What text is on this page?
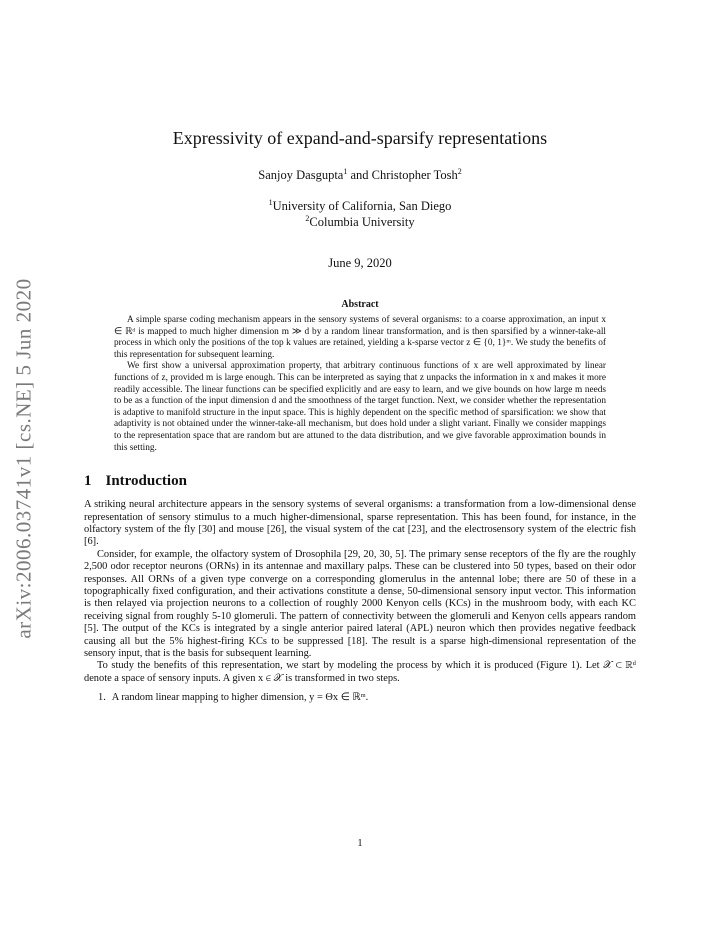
arXiv:2006.03741v1 [cs.NE] 5 Jun 2020
Expressivity of expand-and-sparsify representations
Sanjoy Dasgupta$^1$ and Christopher Tosh$^2$
$^1$University of California, San Diego
$^2$Columbia University
June 9, 2020
Abstract

A simple sparse coding mechanism appears in the sensory systems of several organisms: to a coarse approximation, an input x ∈ ℝᵈ is mapped to much higher dimension m ≫ d by a random linear transformation, and is then sparsified by a winner-take-all process in which only the positions of the top k values are retained, yielding a k-sparse vector z ∈ {0, 1}ᵐ. We study the benefits of this representation for subsequent learning.

We first show a universal approximation property, that arbitrary continuous functions of x are well approximated by linear functions of z, provided m is large enough. This can be interpreted as saying that z unpacks the information in x and makes it more readily accessible. The linear functions can be specified explicitly and are easy to learn, and we give bounds on how large m needs to be as a function of the input dimension d and the smoothness of the target function. Next, we consider whether the representation is adaptive to manifold structure in the input space. This is highly dependent on the specific method of sparsification: we show that adaptivity is not obtained under the winner-take-all mechanism, but does hold under a slight variant. Finally we consider mappings to the representation space that are random but are attuned to the data distribution, and we give favorable approximation bounds in this setting.

1 Introduction

A striking neural architecture appears in the sensory systems of several organisms: a transformation from a low-dimensional dense representation of sensory stimulus to a much higher-dimensional, sparse representation. This has been found, for instance, in the olfactory system of the fly [30] and mouse [26], the visual system of the cat [23], and the electrosensory system of the electric fish [6].

Consider, for example, the olfactory system of Drosophila [29, 20, 30, 5]. The primary sense receptors of the fly are the roughly 2,500 odor receptor neurons (ORNs) in its antennae and maxillary palps. These can be clustered into 50 types, based on their odor responses. All ORNs of a given type converge on a corresponding glomerulus in the antennal lobe; there are 50 of these in a topographically fixed configuration, and their activations constitute a dense, 50-dimensional sensory input vector. This information is then relayed via projection neurons to a collection of roughly 2000 Kenyon cells (KCs) in the mushroom body, with each KC receiving signal from roughly 5-10 glomeruli. The pattern of connectivity between the glomeruli and Kenyon cells appears random [5]. The output of the KCs is integrated by a single anterior paired lateral (APL) neuron which then provides negative feedback causing all but the 5% highest-firing KCs to be suppressed [18]. The result is a sparse high-dimensional representation of the sensory input, that is the basis for subsequent learning.

To study the benefits of this representation, we start by modeling the process by which it is produced (Figure 1). Let 𝒳 ⊂ ℝᵈ denote a space of sensory inputs. A given x ∈ 𝒳 is transformed in two steps.

1. A random linear mapping to higher dimension, y = Θx ∈ ℝᵐ.
1
